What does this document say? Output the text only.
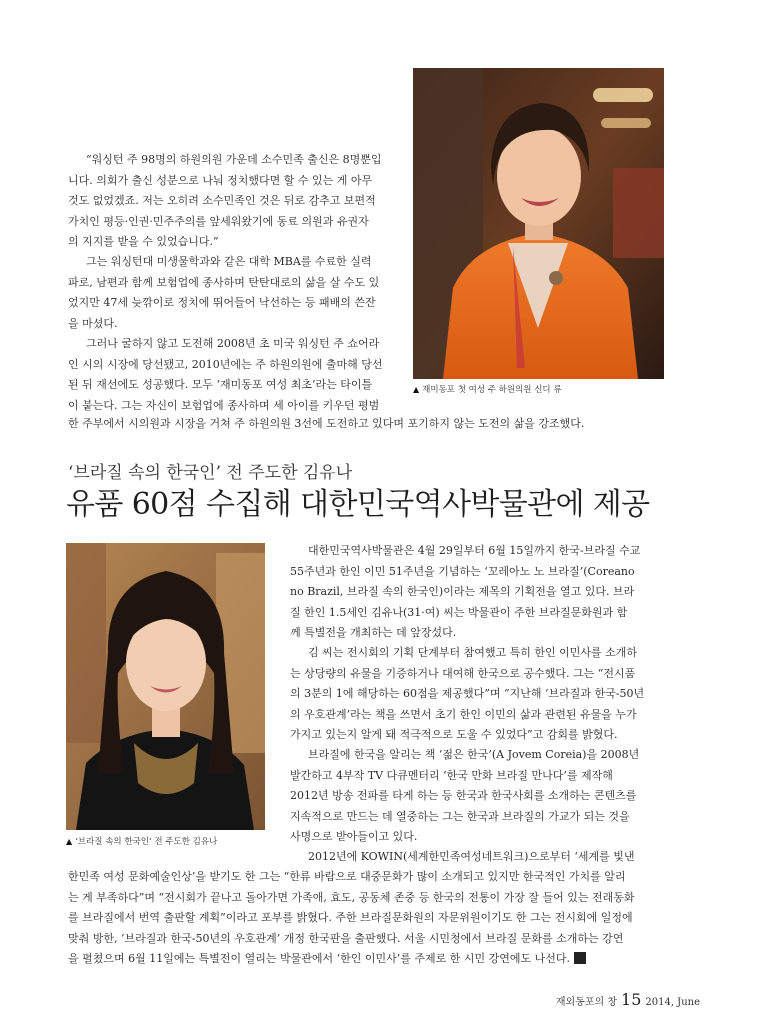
“워싱턴 주 98명의 하원의원 가운데 소수민족 출신은 8명뿐입
니다. 의회가 출신 성분으로 나눠 정치했다면 할 수 있는 게 아무
것도 없었겠죠. 저는 오히려 소수민족인 것은 뒤로 감추고 보편적
가치인 평등·인권·민주주의를 앞세워왔기에 동료 의원과 유권자
의 지지를 받을 수 있었습니다.”
그는 워싱턴대 미생물학과와 같은 대학 MBA를 수료한 실력
파로, 남편과 함께 보험업에 종사하며 탄탄대로의 삶을 살 수도 있
었지만 47세 늦깎이로 정치에 뛰어들어 낙선하는 등 패배의 쓴잔
을 마셨다.
그러나 굴하지 않고 도전해 2008년 초 미국 워싱턴 주 쇼어라
인 시의 시장에 당선됐고, 2010년에는 주 하원의원에 출마해 당선
된 뒤 재선에도 성공했다. 모두 ‘재미동포 여성 최초’라는 타이틀
이 붙는다. 그는 자신이 보험업에 종사하며 세 아이를 키우던 평범
한 주부에서 시의원과 시장을 거쳐 주 하원의원 3선에 도전하고 있다며 포기하지 않는 도전의 삶을 강조했다.
▲ 재미동포 첫 여성 주 하원의원 신디 류
‘브라질 속의 한국인’ 전 주도한 김유나
유품 60점 수집해 대한민국역사박물관에 제공
▲ ‘브라질 속의 한국인’ 전 주도한 김유나
대한민국역사박물관은 4월 29일부터 6월 15일까지 한국-브라질 수교
55주년과 한인 이민 51주년을 기념하는 ‘꼬레아노 노 브라질’(Coreano
no Brazil, 브라질 속의 한국인)이라는 제목의 기획전을 열고 있다. 브라
질 한인 1.5세인 김유나(31·여) 씨는 박물관이 주한 브라질문화원과 함
께 특별전을 개최하는 데 앞장섰다.
김 씨는 전시회의 기획 단계부터 참여했고 특히 한인 이민사를 소개하
는 상당량의 유물을 기증하거나 대여해 한국으로 공수했다. 그는 “전시품
의 3분의 1에 해당하는 60점을 제공했다”며 “지난해 ‘브라질과 한국-50년
의 우호관계’라는 책을 쓰면서 초기 한인 이민의 삶과 관련된 유물을 누가
가지고 있는지 알게 돼 적극적으로 도울 수 있었다”고 감회를 밝혔다.
브라질에 한국을 알리는 책 ‘젊은 한국’(A Jovem Coreia)을 2008년
발간하고 4부작 TV 다큐멘터리 ‘한국 만화 브라질 만나다’를 제작해
2012년 방송 전파를 타게 하는 등 한국과 한국사회를 소개하는 콘텐츠를
지속적으로 만드는 데 열중하는 그는 한국과 브라질의 가교가 되는 것을
사명으로 받아들이고 있다.
2012년에 KOWIN(세계한민족여성네트워크)으로부터 ‘세계를 빛낸
한민족 여성 문화예술인상’을 받기도 한 그는 “한류 바람으로 대중문화가 많이 소개되고 있지만 한국적인 가치를 알리
는 게 부족하다”며 “전시회가 끝나고 돌아가면 가족애, 효도, 공동체 존중 등 한국의 전통이 가장 잘 들어 있는 전래동화
를 브라질에서 번역 출판할 계획”이라고 포부를 밝혔다. 주한 브라질문화원의 자문위원이기도 한 그는 전시회에 일정에
맞춰 방한, ‘브라질과 한국-50년의 우호관계’ 개정 한국판을 출판했다. 서울 시민청에서 브라질 문화를 소개하는 강연
을 펼쳤으며 6월 11일에는 특별전이 열리는 박물관에서 ‘한인 이민사’를 주제로 한 시민 강연에도 나선다.
재외동포의 창 15 2014, June
